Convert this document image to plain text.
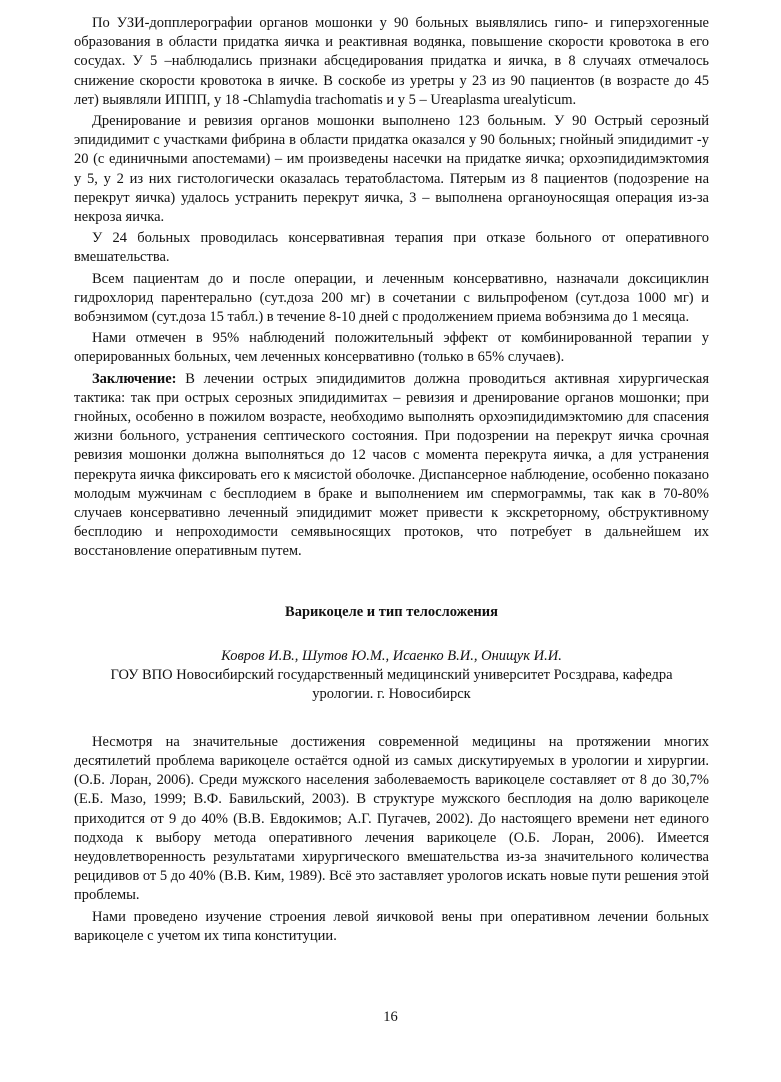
По УЗИ-допплерографии органов мошонки у 90 больных выявлялись гипо- и гиперэхогенные образования в области придатка яичка и реактивная водянка, повышение скорости кровотока в его сосудах. У 5 –наблюдались признаки абсцедирования придатка и яичка, в 8 случаях отмечалось снижение скорости кровотока в яичке. В соскобе из уретры у 23 из 90 пациентов (в возрасте до 45 лет) выявляли ИППП, у 18 -Chlamydia trachomatis и у 5 – Ureaplasma urealyticum.

Дренирование и ревизия органов мошонки выполнено 123 больным. У 90 Острый серозный эпидидимит с участками фибрина в области придатка оказался у 90 больных; гнойный эпидидимит -у 20 (с единичными апостемами) – им произведены насечки на придатке яичка; орхоэпидидимэктомия у 5, у 2 из них гистологически оказалась тератобластома. Пятерым из 8 пациентов (подозрение на перекрут яичка) удалось устранить перекрут яичка, 3 – выполнена органоуносящая операция из-за некроза яичка.

У 24 больных проводилась консервативная терапия при отказе больного от оперативного вмешательства.

Всем пациентам до и после операции, и леченным консервативно, назначали доксициклин гидрохлорид парентерально (сут.доза 200 мг) в сочетании с вильпрофеном (сут.доза 1000 мг) и вобэнзимом (сут.доза 15 табл.) в течение 8-10 дней с продолжением приема вобэнзима до 1 месяца.

Нами отмечен в 95% наблюдений положительный эффект от комбинированной терапии у оперированных больных, чем леченных консервативно (только в 65% случаев).

Заключение: В лечении острых эпидидимитов должна проводиться активная хирургическая тактика: так при острых серозных эпидидимитах – ревизия и дренирование органов мошонки; при гнойных, особенно в пожилом возрасте, необходимо выполнять орхоэпидидимэктомию для спасения жизни больного, устранения септического состояния. При подозрении на перекрут яичка срочная ревизия мошонки должна выполняться до 12 часов с момента перекрута яичка, а для устранения перекрута яичка фиксировать его к мясистой оболочке. Диспансерное наблюдение, особенно показано молодым мужчинам с бесплодием в браке и выполнением им спермограммы, так как в 70-80% случаев консервативно леченный эпидидимит может привести к экскреторному, обструктивному бесплодию и непроходимости семявыносящих протоков, что потребует в дальнейшем их восстановление оперативным путем.

Варикоцеле и тип телосложения
Ковров И.В., Шутов Ю.М., Исаенко В.И., Онищук И.И.
ГОУ ВПО Новосибирский государственный медицинский университет Росздрава, кафедра
урологии. г. Новосибирск

Несмотря на значительные достижения современной медицины на протяжении многих десятилетий проблема варикоцеле остаётся одной из самых дискутируемых в урологии и хирургии. (О.Б. Лоран, 2006). Среди мужского населения заболеваемость варикоцеле составляет от 8 до 30,7% (Е.Б. Мазо, 1999; В.Ф. Бавильский, 2003). В структуре мужского бесплодия на долю варикоцеле приходится от 9 до 40% (В.В. Евдокимов; А.Г. Пугачев, 2002). До настоящего времени нет единого подхода к выбору метода оперативного лечения варикоцеле (О.Б. Лоран, 2006). Имеется неудовлетворенность результатами хирургического вмешательства из-за значительного количества рецидивов от 5 до 40% (В.В. Ким, 1989). Всё это заставляет урологов искать новые пути решения этой проблемы.

Нами проведено изучение строения левой яичковой вены при оперативном лечении больных варикоцеле с учетом их типа конституции.

16
